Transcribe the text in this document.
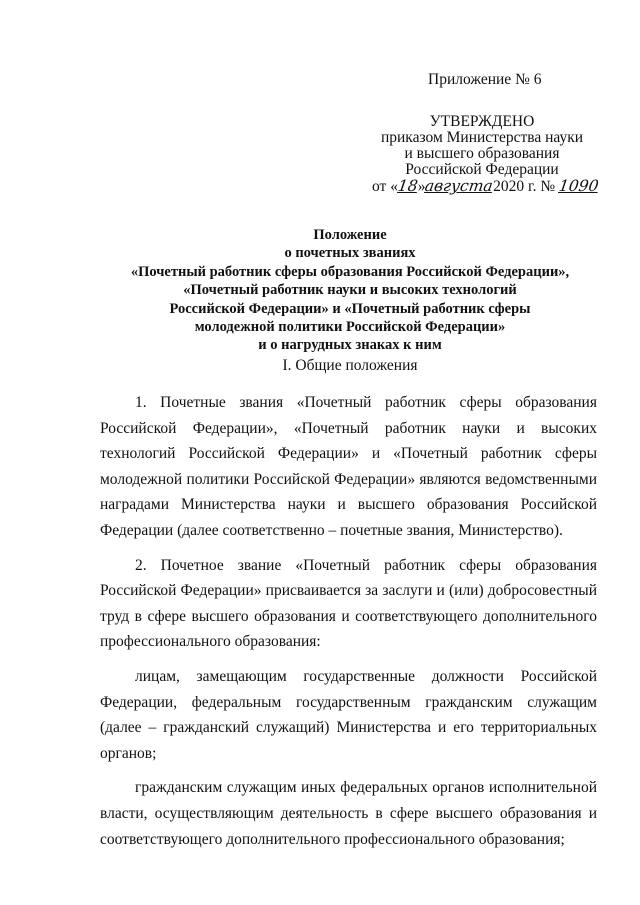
Приложение № 6
УТВЕРЖДЕНО
приказом Министерства науки
и высшего образования
Российской Федерации
от «18»августа2020 г. № 1090
Положение
о почетных званиях
«Почетный работник сферы образования Российской Федерации»,
«Почетный работник науки и высоких технологий
Российской Федерации» и «Почетный работник сферы
молодежной политики Российской Федерации»
и о нагрудных знаках к ним
I. Общие положения

1. Почетные звания «Почетный работник сферы образования Российской Федерации», «Почетный работник науки и высоких технологий Российской Федерации» и «Почетный работник сферы молодежной политики Российской Федерации» являются ведомственными наградами Министерства науки и высшего образования Российской Федерации (далее соответственно – почетные звания, Министерство).

2. Почетное звание «Почетный работник сферы образования Российской Федерации» присваивается за заслуги и (или) добросовестный труд в сфере высшего образования и соответствующего дополнительного профессионального образования:

лицам, замещающим государственные должности Российской Федерации, федеральным государственным гражданским служащим (далее – гражданский служащий) Министерства и его территориальных органов;

гражданским служащим иных федеральных органов исполнительной власти, осуществляющим деятельность в сфере высшего образования и соответствующего дополнительного профессионального образования;
